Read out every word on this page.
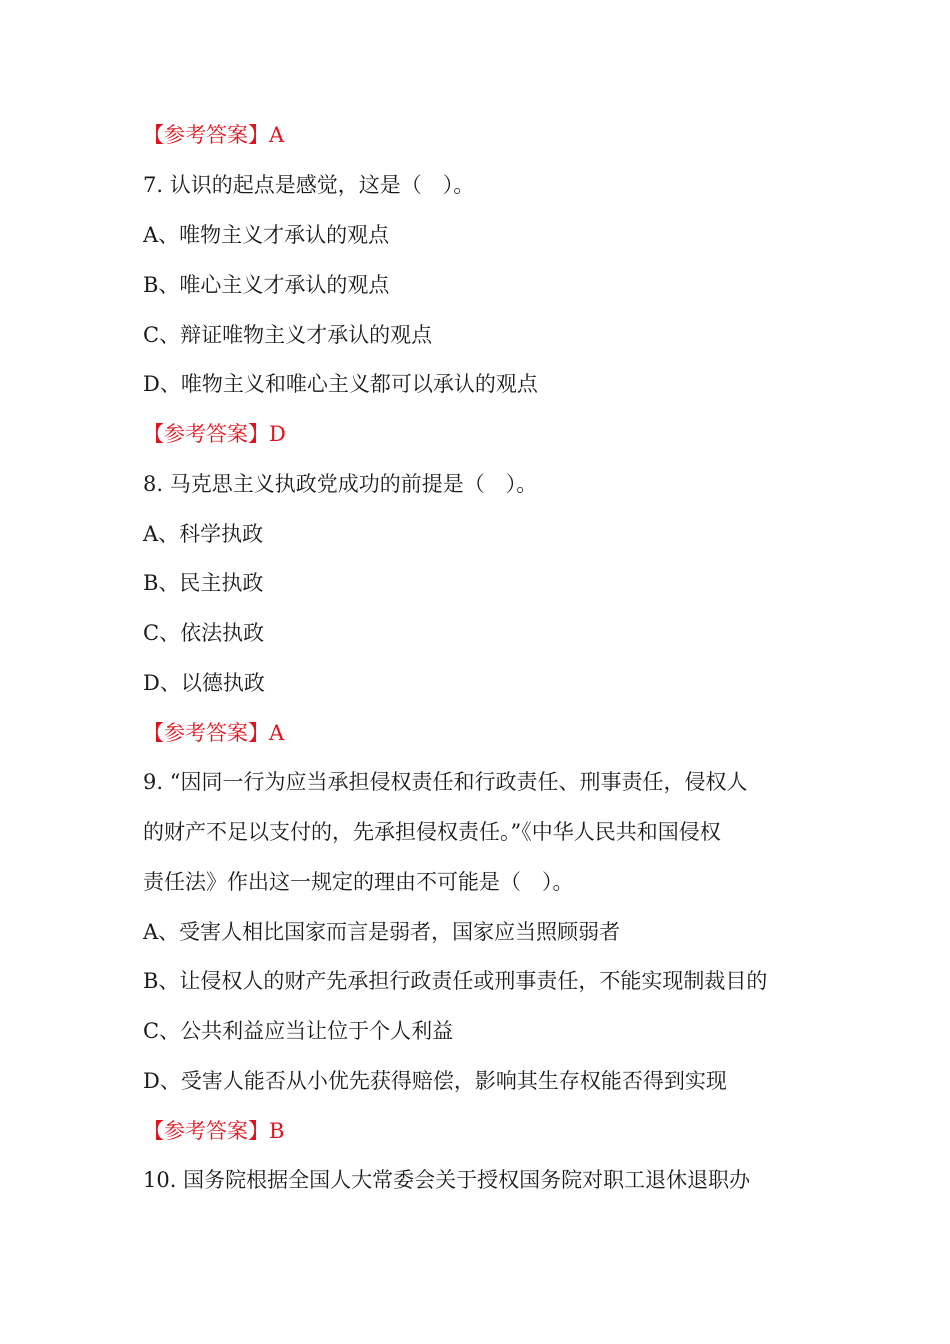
【参考答案】A
7. 认识的起点是感觉，这是（　）。
A、唯物主义才承认的观点
B、唯心主义才承认的观点
C、辩证唯物主义才承认的观点
D、唯物主义和唯心主义都可以承认的观点
【参考答案】D
8. 马克思主义执政党成功的前提是（　）。
A、科学执政
B、民主执政
C、依法执政
D、以德执政
【参考答案】A
9. “因同一行为应当承担侵权责任和行政责任、刑事责任，侵权人
的财产不足以支付的，先承担侵权责任。”《中华人民共和国侵权
责任法》作出这一规定的理由不可能是（　）。
A、受害人相比国家而言是弱者，国家应当照顾弱者
B、让侵权人的财产先承担行政责任或刑事责任，不能实现制裁目的
C、公共利益应当让位于个人利益
D、受害人能否从小优先获得赔偿，影响其生存权能否得到实现
【参考答案】B
10. 国务院根据全国人大常委会关于授权国务院对职工退休退职办
